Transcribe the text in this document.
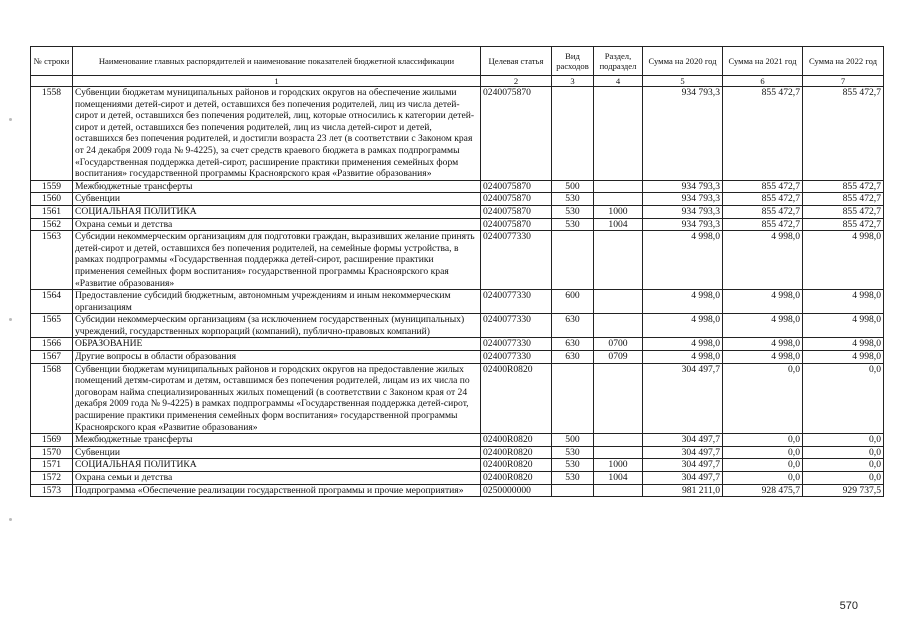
№ строки	Наименование главных распорядителей и наименование показателей бюджетной классификации	Целевая статья	Вид расходов	Раздел, подраздел	Сумма на 2020 год	Сумма на 2021 год	Сумма на 2022 год
	1	2	3	4	5	6	7
1558	Субвенции бюджетам муниципальных районов и городских округов на обеспечение жилыми помещениями детей-сирот и детей, оставшихся без попечения родителей, лиц из числа детей-сирот и детей, оставшихся без попечения родителей, лиц, которые относились к категории детей-сирот и детей, оставшихся без попечения родителей, лиц из числа детей-сирот и детей, оставшихся без попечения родителей, и достигли возраста 23 лет (в соответствии с Законом края от 24 декабря 2009 года № 9-4225), за счет средств краевого бюджета в рамках подпрограммы «Государственная поддержка детей-сирот, расширение практики применения семейных форм воспитания» государственной программы Красноярского края «Развитие образования»	0240075870			934 793,3	855 472,7	855 472,7
1559	Межбюджетные трансферты	0240075870	500		934 793,3	855 472,7	855 472,7
1560	Субвенции	0240075870	530		934 793,3	855 472,7	855 472,7
1561	СОЦИАЛЬНАЯ ПОЛИТИКА	0240075870	530	1000	934 793,3	855 472,7	855 472,7
1562	Охрана семьи и детства	0240075870	530	1004	934 793,3	855 472,7	855 472,7
1563	Субсидии некоммерческим организациям для подготовки граждан, выразивших желание принять детей-сирот и детей, оставшихся без попечения родителей, на семейные формы устройства, в рамках подпрограммы «Государственная поддержка детей-сирот, расширение практики применения семейных форм воспитания» государственной программы Красноярского края «Развитие образования»	0240077330			4 998,0	4 998,0	4 998,0
1564	Предоставление субсидий бюджетным, автономным учреждениям и иным некоммерческим организациям	0240077330	600		4 998,0	4 998,0	4 998,0
1565	Субсидии некоммерческим организациям (за исключением государственных (муниципальных) учреждений, государственных корпораций (компаний), публично-правовых компаний)	0240077330	630		4 998,0	4 998,0	4 998,0
1566	ОБРАЗОВАНИЕ	0240077330	630	0700	4 998,0	4 998,0	4 998,0
1567	Другие вопросы в области образования	0240077330	630	0709	4 998,0	4 998,0	4 998,0
1568	Субвенции бюджетам муниципальных районов и городских округов на предоставление жилых помещений детям-сиротам и детям, оставшимся без попечения родителей, лицам из их числа по договорам найма специализированных жилых помещений (в соответствии с Законом края от 24 декабря 2009 года № 9-4225) в рамках подпрограммы «Государственная поддержка детей-сирот, расширение практики применения семейных форм воспитания» государственной программы Красноярского края «Развитие образования»	02400R0820			304 497,7	0,0	0,0
1569	Межбюджетные трансферты	02400R0820	500		304 497,7	0,0	0,0
1570	Субвенции	02400R0820	530		304 497,7	0,0	0,0
1571	СОЦИАЛЬНАЯ ПОЛИТИКА	02400R0820	530	1000	304 497,7	0,0	0,0
1572	Охрана семьи и детства	02400R0820	530	1004	304 497,7	0,0	0,0
1573	Подпрограмма «Обеспечение реализации государственной программы и прочие мероприятия»	0250000000			981 211,0	928 475,7	929 737,5
570
